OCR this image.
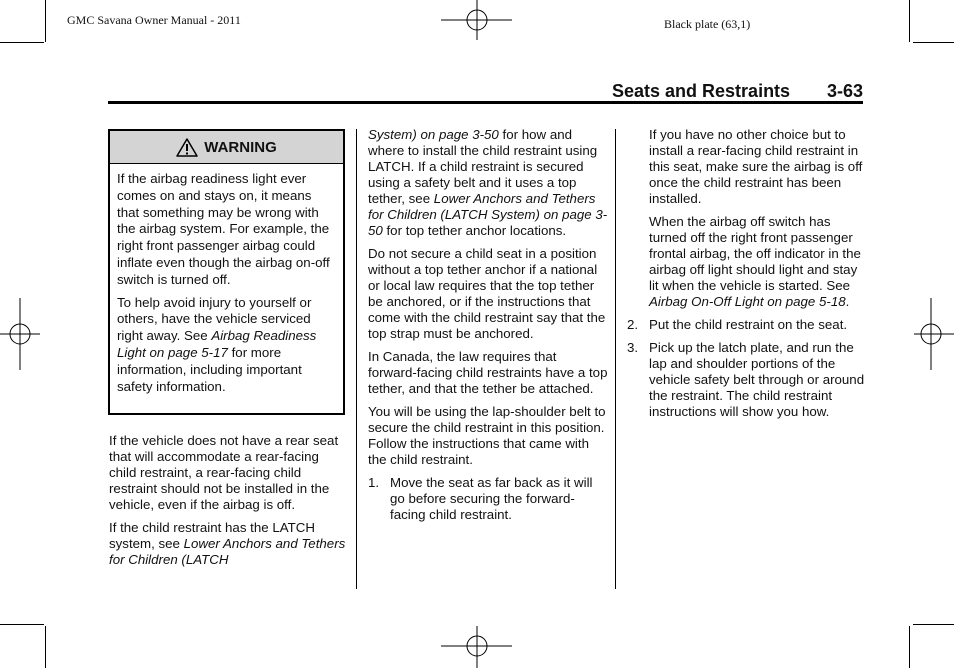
GMC Savana Owner Manual - 2011	Black plate (63,1)
Seats and Restraints 3-63
WARNING

If the airbag readiness light ever comes on and stays on, it means that something may be wrong with the airbag system. For example, the right front passenger airbag could inflate even though the airbag on-off switch is turned off.

To help avoid injury to yourself or others, have the vehicle serviced right away. See Airbag Readiness Light on page 5-17 for more information, including important safety information.

If the vehicle does not have a rear seat that will accommodate a rear-facing child restraint, a rear-facing child restraint should not be installed in the vehicle, even if the airbag is off.

If the child restraint has the LATCH system, see Lower Anchors and Tethers for Children (LATCH

System) on page 3-50 for how and where to install the child restraint using LATCH. If a child restraint is secured using a safety belt and it uses a top tether, see Lower Anchors and Tethers for Children (LATCH System) on page 3-50 for top tether anchor locations.

Do not secure a child seat in a position without a top tether anchor if a national or local law requires that the top tether be anchored, or if the instructions that come with the child restraint say that the top strap must be anchored.

In Canada, the law requires that forward-facing child restraints have a top tether, and that the tether be attached.

You will be using the lap-shoulder belt to secure the child restraint in this position. Follow the instructions that came with the child restraint.

1. Move the seat as far back as it will go before securing the forward-facing child restraint.

If you have no other choice but to install a rear-facing child restraint in this seat, make sure the airbag is off once the child restraint has been installed.

When the airbag off switch has turned off the right front passenger frontal airbag, the off indicator in the airbag off light should light and stay lit when the vehicle is started. See Airbag On-Off Light on page 5-18.

2. Put the child restraint on the seat.
3. Pick up the latch plate, and run the lap and shoulder portions of the vehicle safety belt through or around the restraint. The child restraint instructions will show you how.
